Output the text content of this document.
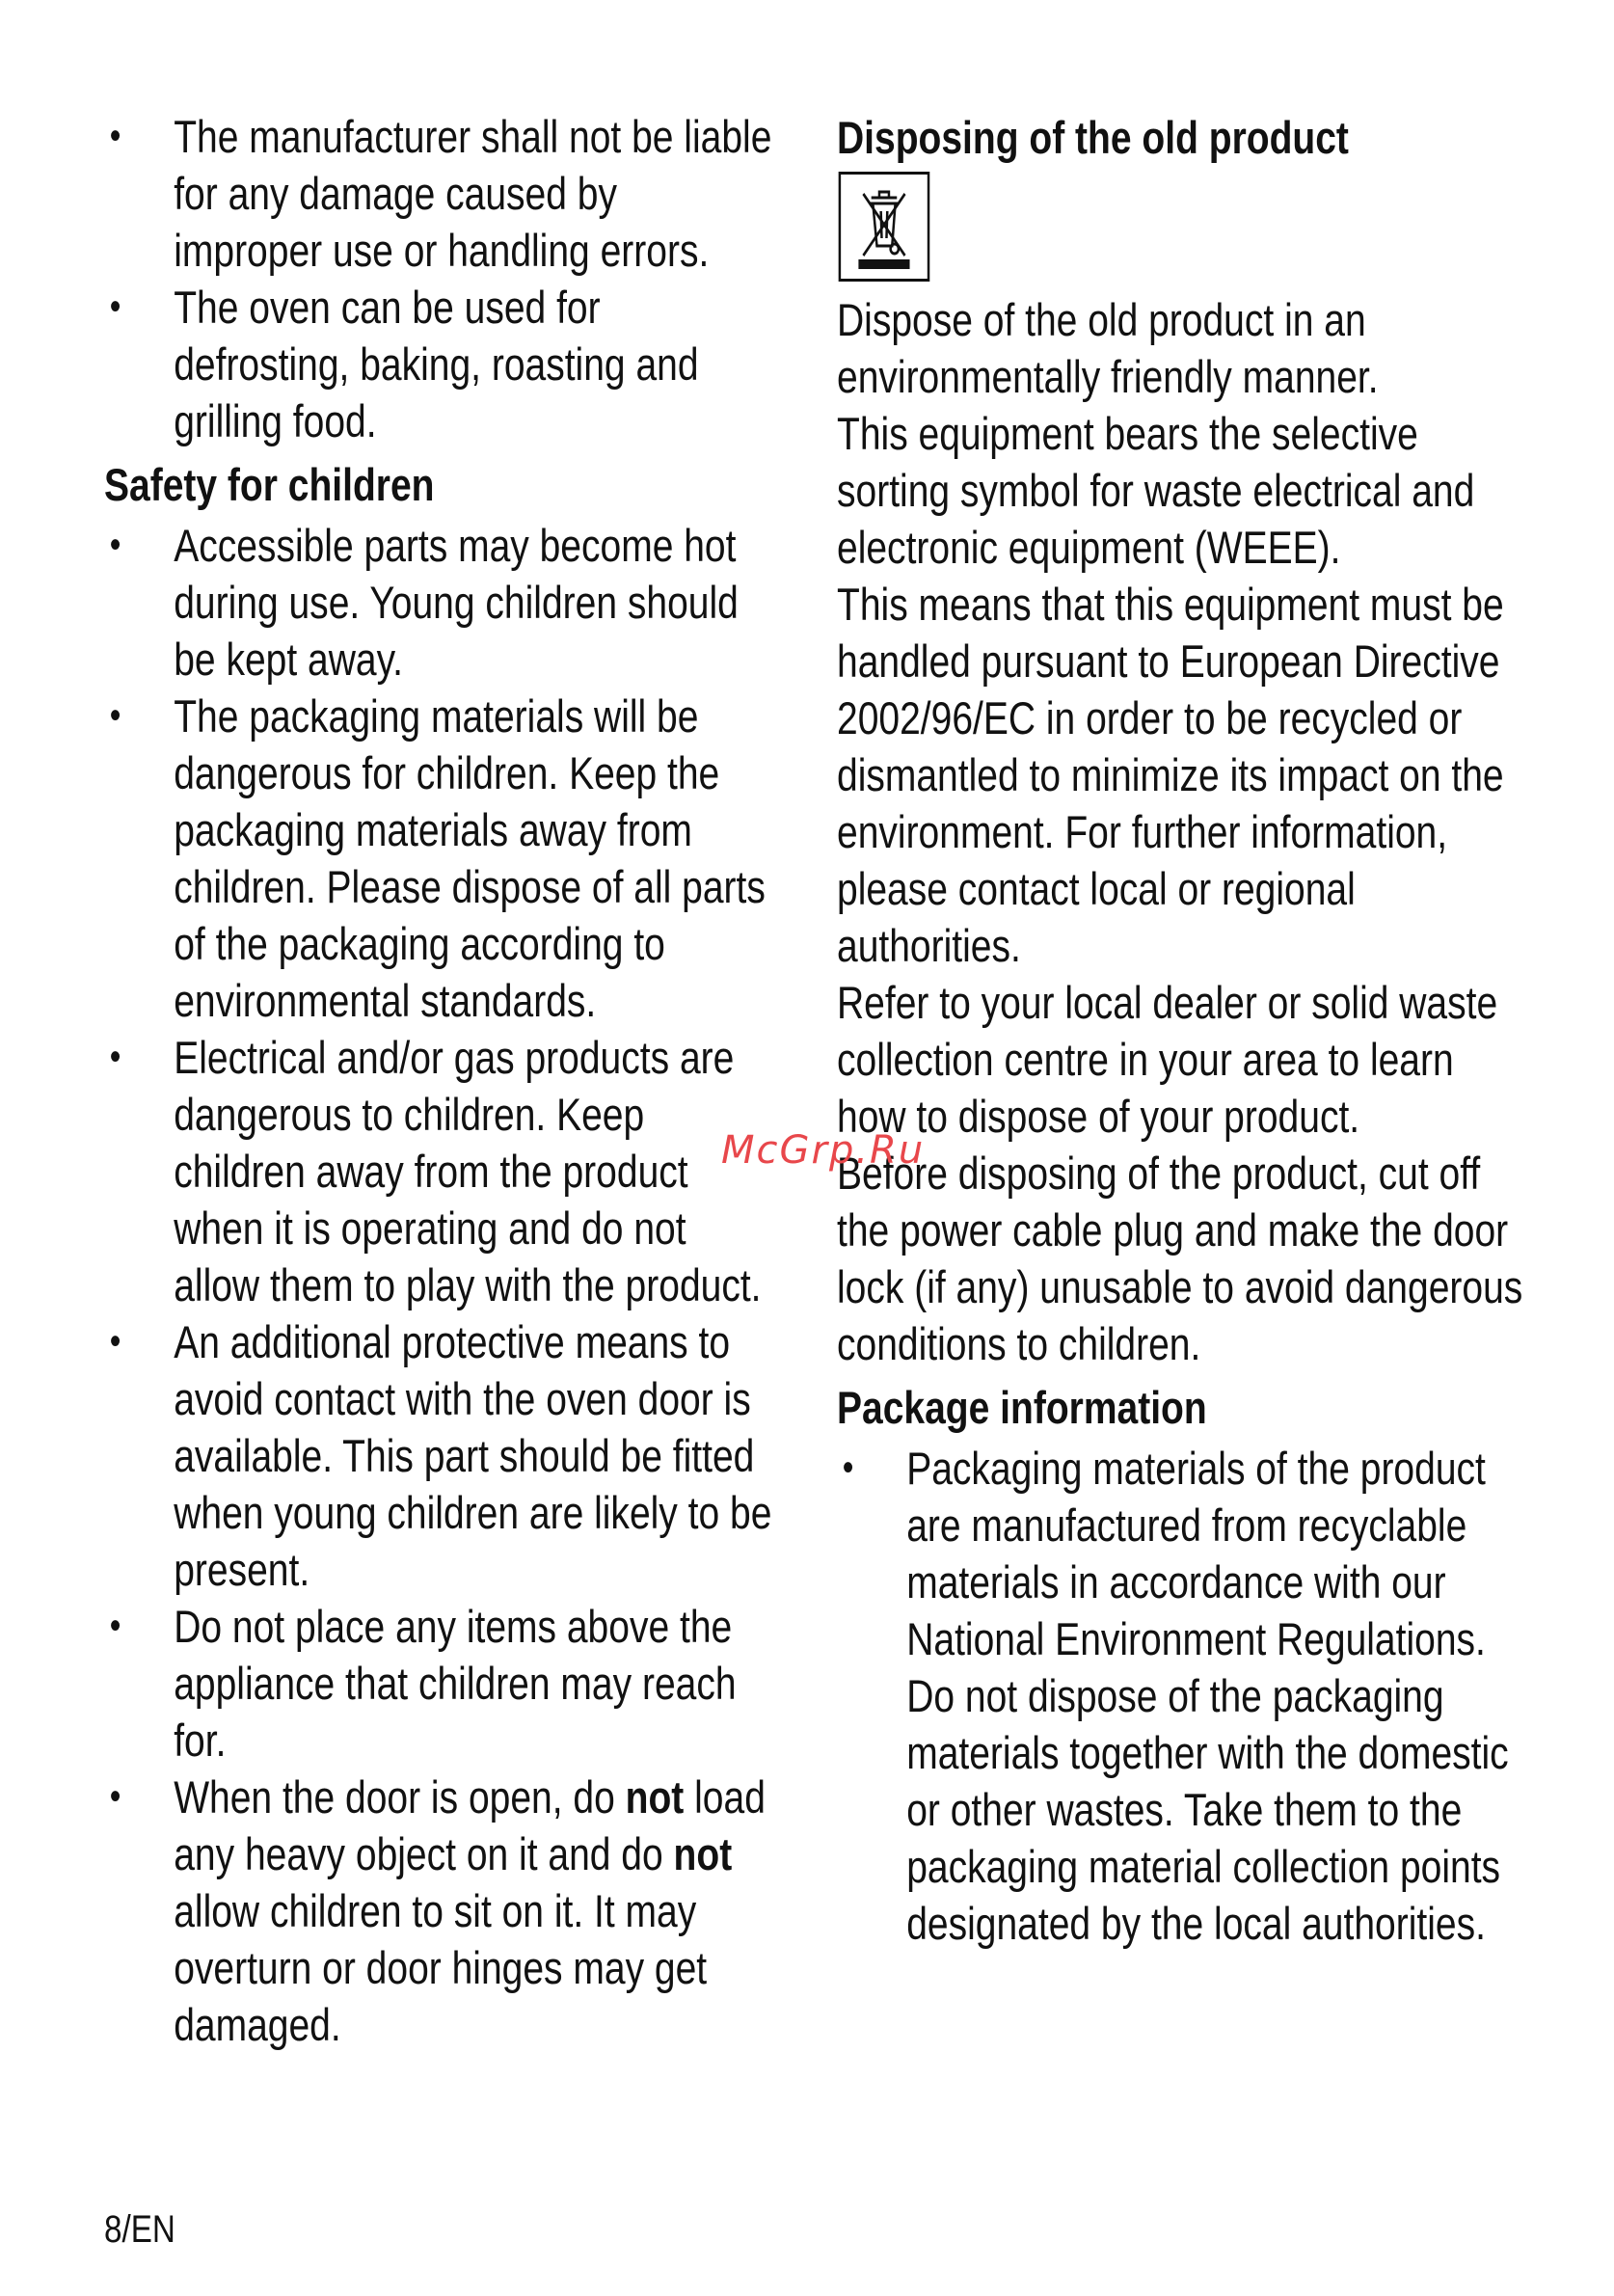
• The manufacturer shall not be liable for any damage caused by improper use or handling errors.
• The oven can be used for defrosting, baking, roasting and grilling food.
Safety for children
• Accessible parts may become hot during use. Young children should be kept away.
• The packaging materials will be dangerous for children. Keep the packaging materials away from children. Please dispose of all parts of the packaging according to environmental standards.
• Electrical and/or gas products are dangerous to children. Keep children away from the product when it is operating and do not allow them to play with the product.
• An additional protective means to avoid contact with the oven door is available. This part should be fitted when young children are likely to be present.
• Do not place any items above the appliance that children may reach for.
• When the door is open, do not load any heavy object on it and do not allow children to sit on it. It may overturn or door hinges may get damaged.
Disposing of the old product

Dispose of the old product in an environmentally friendly manner.

This equipment bears the selective sorting symbol for waste electrical and electronic equipment (WEEE).

This means that this equipment must be handled pursuant to European Directive 2002/96/EC in order to be recycled or dismantled to minimize its impact on the environment. For further information, please contact local or regional authorities.

Refer to your local dealer or solid waste collection centre in your area to learn how to dispose of your product.

Before disposing of the product, cut off the power cable plug and make the door lock (if any) unusable to avoid dangerous conditions to children.

Package information
• Packaging materials of the product are manufactured from recyclable materials in accordance with our National Environment Regulations. Do not dispose of the packaging materials together with the domestic or other wastes. Take them to the packaging material collection points designated by the local authorities.
McGrp.Ru
8/EN
